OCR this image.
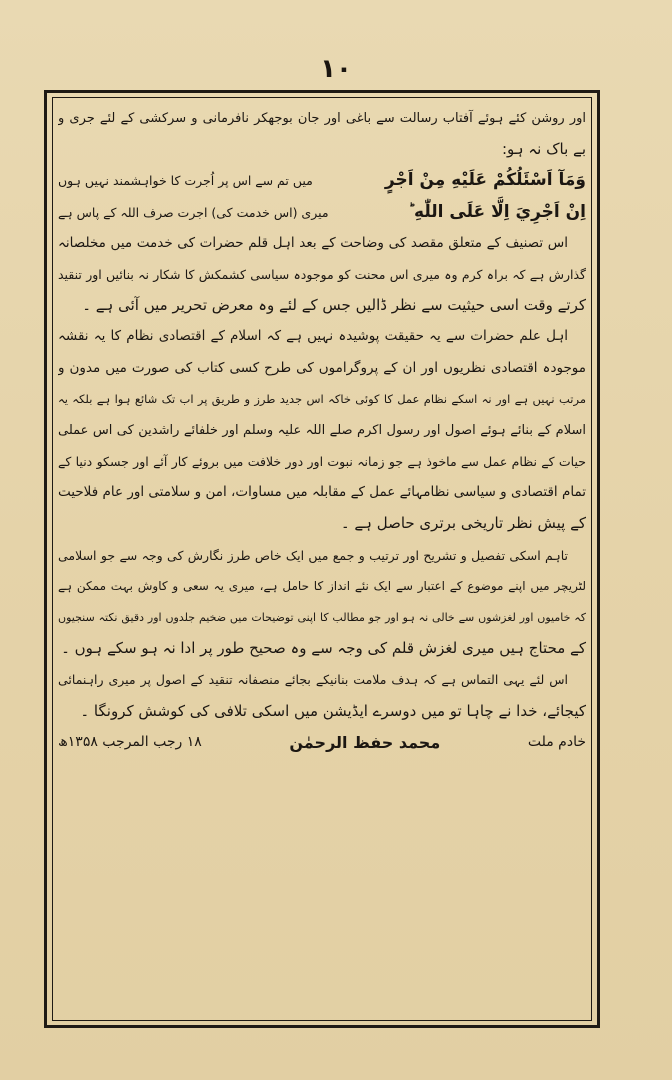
۱۰
اور روشن کئے ہوئے آفتاب رسالت سے باغی اور جان بوجھکر نافرمانی و سرکشی کے لئے جری و
بے باک نہ ہو:
وَمَآ اَسْئَلُكُمْ عَلَيْهِ مِنْ اَجْرٍ
میں تم سے اس پر اُجرت کا خواہشمند نہیں ہوں
اِنْ اَجْرِيَ اِلَّا عَلَى اللّٰهِ ؕ
میری (اس خدمت کی) اجرت صرف اللہ کے پاس ہے
اس تصنیف کے متعلق مقصد کی وضاحت کے بعد اہل قلم حضرات کی خدمت میں مخلصانہ
گذارش ہے کہ براہ کرم وہ میری اس محنت کو موجودہ سیاسی کشمکش کا شکار نہ بنائیں اور تنقید
کرتے وقت اسی حیثیت سے نظر ڈالیں جس کے لئے وہ معرض تحریر میں آئی ہے ۔
اہل علم حضرات سے یہ حقیقت پوشیدہ نہیں ہے کہ اسلام کے اقتصادی نظام کا یہ نقشہ
موجودہ اقتصادی نظریوں اور ان کے پروگراموں کی طرح کسی کتاب کی صورت میں مدون و
مرتب نہیں ہے اور نہ اسکے نظام عمل کا کوئی خاکہ اس جدید طرز و طریق پر اب تک شائع ہوا ہے بلکہ یہ
اسلام کے بنائے ہوئے اصول اور رسول اکرم صلے اللہ علیہ وسلم اور خلفائے راشدین کی اس عملی
حیات کے نظام عمل سے ماخوذ ہے جو زمانہ نبوت اور دور خلافت میں بروئے کار آئے اور جسکو دنیا کے
تمام اقتصادی و سیاسی نظامہائے عمل کے مقابلہ میں مساوات، امن و سلامتی اور عام فلاحیت
کے پیش نظر تاریخی برتری حاصل ہے ۔
تاہم اسکی تفصیل و تشریح اور ترتیب و جمع میں ایک خاص طرز نگارش کی وجہ سے جو اسلامی
لٹریچر میں اپنے موضوع کے اعتبار سے ایک نئے انداز کا حامل ہے، میری یہ سعی و کاوش بہت ممکن ہے
کہ خامیوں اور لغزشوں سے خالی نہ ہو اور جو مطالب کا اپنی توضیحات میں ضخیم جلدوں اور دقیق نکتہ سنجیوں
کے محتاج ہیں میری لغزش قلم کی وجہ سے وہ صحیح طور پر ادا نہ ہو سکے ہوں ۔
اس لئے یہی التماس ہے کہ ہدف ملامت بنانیکے بجائے منصفانہ تنقید کے اصول پر میری راہنمائی
کیجائے، خدا نے چاہا تو میں دوسرے ایڈیشن میں اسکی تلافی کی کوشش کرونگا ۔
خادم ملت
محمد حفظ الرحمٰن
۱۸ رجب المرجب ۱۳۵۸ھ
